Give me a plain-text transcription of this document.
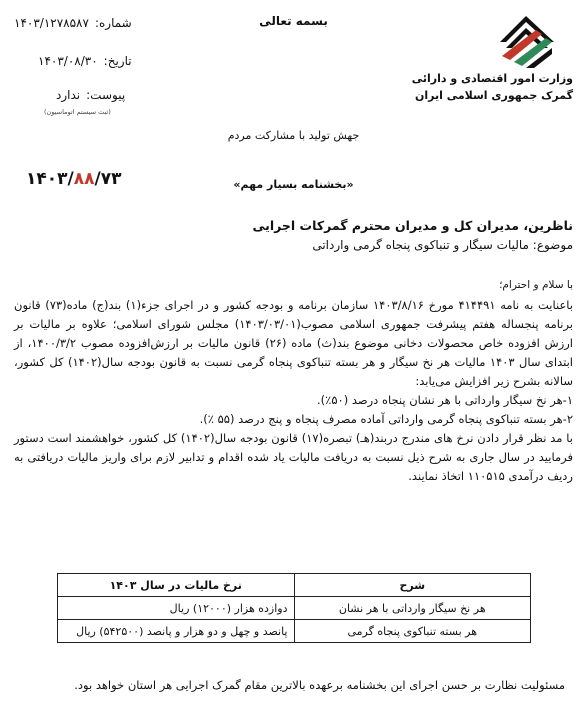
بسمه تعالی
وزارت امور اقتصادی و دارائی
گمرک جمهوری اسلامی ایران
شماره:۱۴۰۳/۱۲۷۸۵۸۷
تاریخ:۱۴۰۳/۰۸/۳۰
پیوست:ندارد
(ثبت سیستم اتوماسیون)
جهش تولید با مشارکت مردم
۱۴۰۳/۸۸/۷۳	«بخشنامه بسیار مهم»
ناظرین، مدیران کل و مدیران محترم گمرکات اجرایی
موضوع: مالیات سیگار و تنباکوی پنجاه گرمی وارداتی
با سلام و احترام؛

باعنایت به نامه ۴۱۴۴۹۱ مورخ ۱۴۰۳/۸/۱۶ سازمان برنامه و بودجه کشور و در اجرای جزء(۱) بند(ج) ماده(۷۳) قانون برنامه پنجساله هفتم پیشرفت جمهوری اسلامی مصوب(۱۴۰۳/۰۳/۰۱) مجلس شورای اسلامی؛ علاوه بر مالیات بر ارزش افزوده خاص محصولات دخانی موضوع بند(ث) ماده (۲۶) قانون مالیات بر ارزش‌افزوده مصوب ۱۴۰۰/۳/۲، از ابتدای سال ۱۴۰۳ مالیات هر نخ سیگار و هر بسته تنباکوی پنجاه گرمی نسبت به قانون بودجه سال(۱۴۰۲) کل کشور، سالانه بشرح زیر افزایش می‌یابد:

۱-هر نخ سیگار وارداتی با هر نشان پنجاه درصد (۵۰٪).

۲-هر بسته تنباکوی پنجاه گرمی وارداتی آماده مصرف پنجاه و پنج درصد (۵۵ ٪).

با مد نظر قرار دادن نرخ های مندرج دربند(هـ) تبصره(۱۷) قانون بودجه سال(۱۴۰۲) کل کشور، خواهشمند است دستور فرمایید در سال جاری به شرح ذیل نسبت به دریافت مالیات یاد شده اقدام و تدابیر لازم برای واریز مالیات دریافتی به ردیف درآمدی ۱۱۰۵۱۵ اتخاذ نمایند.

شرح	نرخ مالیات در سال ۱۴۰۳
هر نخ سیگار وارداتی با هر نشان	دوازده هزار (۱۲۰۰۰) ریال
هر بسته تنباکوی پنجاه گرمی	پانصد و چهل و دو هزار و پانصد (۵۴۲۵۰۰) ریال
مسئولیت نظارت بر حسن اجرای این بخشنامه برعهده بالاترین مقام گمرک اجرایی هر استان خواهد بود.
